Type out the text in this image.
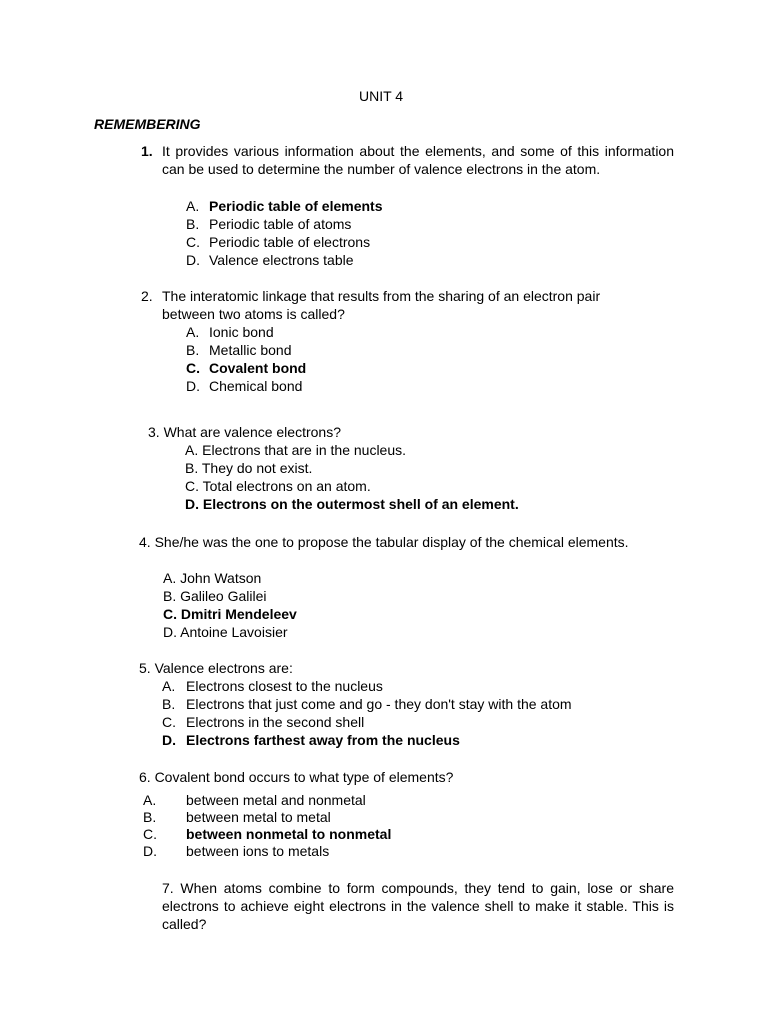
UNIT 4
REMEMBERING
1. It provides various information about the elements, and some of this information can be used to determine the number of valence electrons in the atom.
A. Periodic table of elements
B. Periodic table of atoms
C. Periodic table of electrons
D. Valence electrons table
2. The interatomic linkage that results from the sharing of an electron pair
between two atoms is called?
A. Ionic bond
B. Metallic bond
C. Covalent bond
D. Chemical bond
3. What are valence electrons?
A. Electrons that are in the nucleus.
B. They do not exist.
C. Total electrons on an atom.
D. Electrons on the outermost shell of an element.
4. She/he was the one to propose the tabular display of the chemical elements.
A. John Watson
B. Galileo Galilei
C. Dmitri Mendeleev
D. Antoine Lavoisier
5. Valence electrons are:
A. Electrons closest to the nucleus
B. Electrons that just come and go - they don't stay with the atom
C. Electrons in the second shell
D. Electrons farthest away from the nucleus
6. Covalent bond occurs to what type of elements?
A. between metal and nonmetal
B. between metal to metal
C. between nonmetal to nonmetal
D. between ions to metals
7. When atoms combine to form compounds, they tend to gain, lose or share electrons to achieve eight electrons in the valence shell to make it stable. This is called?
